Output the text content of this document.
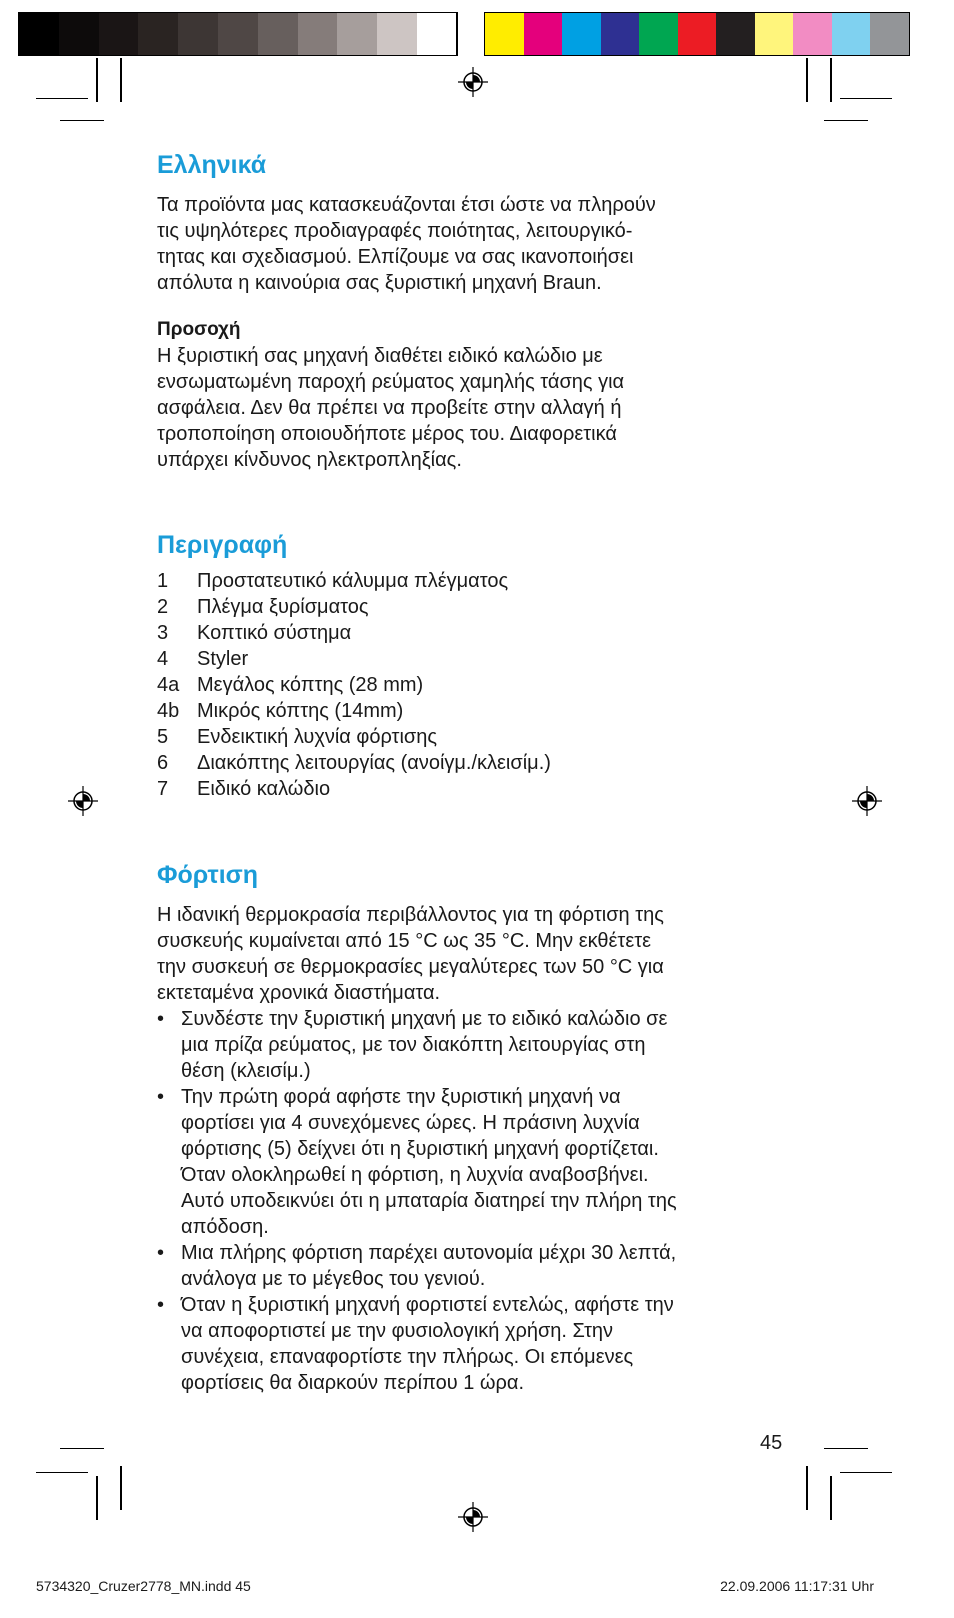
Ελληνικά

Τα προϊόντα μας κατασκευάζονται έτσι ώστε να πληρούν

τις υψηλότερες προδιαγραφές ποιότητας, λειτουργικό-

τητας και σχεδιασμού. Ελπίζουμε να σας ικανοποιήσει

απόλυτα η καινούρια σας ξυριστική μηχανή Braun.

Προσοχή

Η ξυριστική σας μηχανή διαθέτει ειδικό καλώδιο με

ενσωματωμένη παροχή ρεύματος χαμηλής τάσης για

ασφάλεια. Δεν θα πρέπει να προβείτε στην αλλαγή ή

τροποποίηση οποιουδήποτε μέρος του. Διαφορετικά

υπάρχει κίνδυνος ηλεκτροπληξίας.

Περιγραφή
1	Προστατευτικό κάλυμμα πλέγματος
2	Πλέγμα ξυρίσματος
3	Κοπτικό σύστημα
4	Styler
4a Μεγάλος κόπτης (28 mm)
4b Μικρός κόπτης (14mm)
5	Ενδεικτική λυχνία φόρτισης
6	Διακόπτης λειτουργίας (ανοίγμ./κλεισίμ.)
7	Ειδικό καλώδιο
Φόρτιση

Η ιδανική θερμοκρασία περιβάλλοντος για τη φόρτιση της

συσκευής κυμαίνεται από 15 °C ως 35 °C. Μην εκθέτετε

την συσκευή σε θερμοκρασίες μεγαλύτερες των 50 °C για

εκτεταμένα χρονικά διαστήματα.

• Συνδέστε την ξυριστική μηχανή με το ειδικό καλώδιο σε
μια πρίζα ρεύματος, με τον διακόπτη λειτουργίας στη
θέση (κλεισίμ.)
• Την πρώτη φορά αφήστε την ξυριστική μηχανή να
φορτίσει για 4 συνεχόμενες ώρες. Η πράσινη λυχνία
φόρτισης (5) δείχνει ότι η ξυριστική μηχανή φορτίζεται.
Όταν ολοκληρωθεί η φόρτιση, η λυχνία αναβοσβήνει.
Αυτό υποδεικνύει ότι η μπαταρία διατηρεί την πλήρη της
απόδοση.
• Μια πλήρης φόρτιση παρέχει αυτονομία μέχρι 30 λεπτά,
ανάλογα με το μέγεθος του γενιού.
• Όταν η ξυριστική μηχανή φορτιστεί εντελώς, αφήστε την
να αποφορτιστεί με την φυσιολογική χρήση. Στην
συνέχεια, επαναφορτίστε την πλήρως. Οι επόμενες
φορτίσεις θα διαρκούν περίπου 1 ώρα.
45
5734320_Cruzer2778_MN.indd 45	22.09.2006 11:17:31 Uhr
